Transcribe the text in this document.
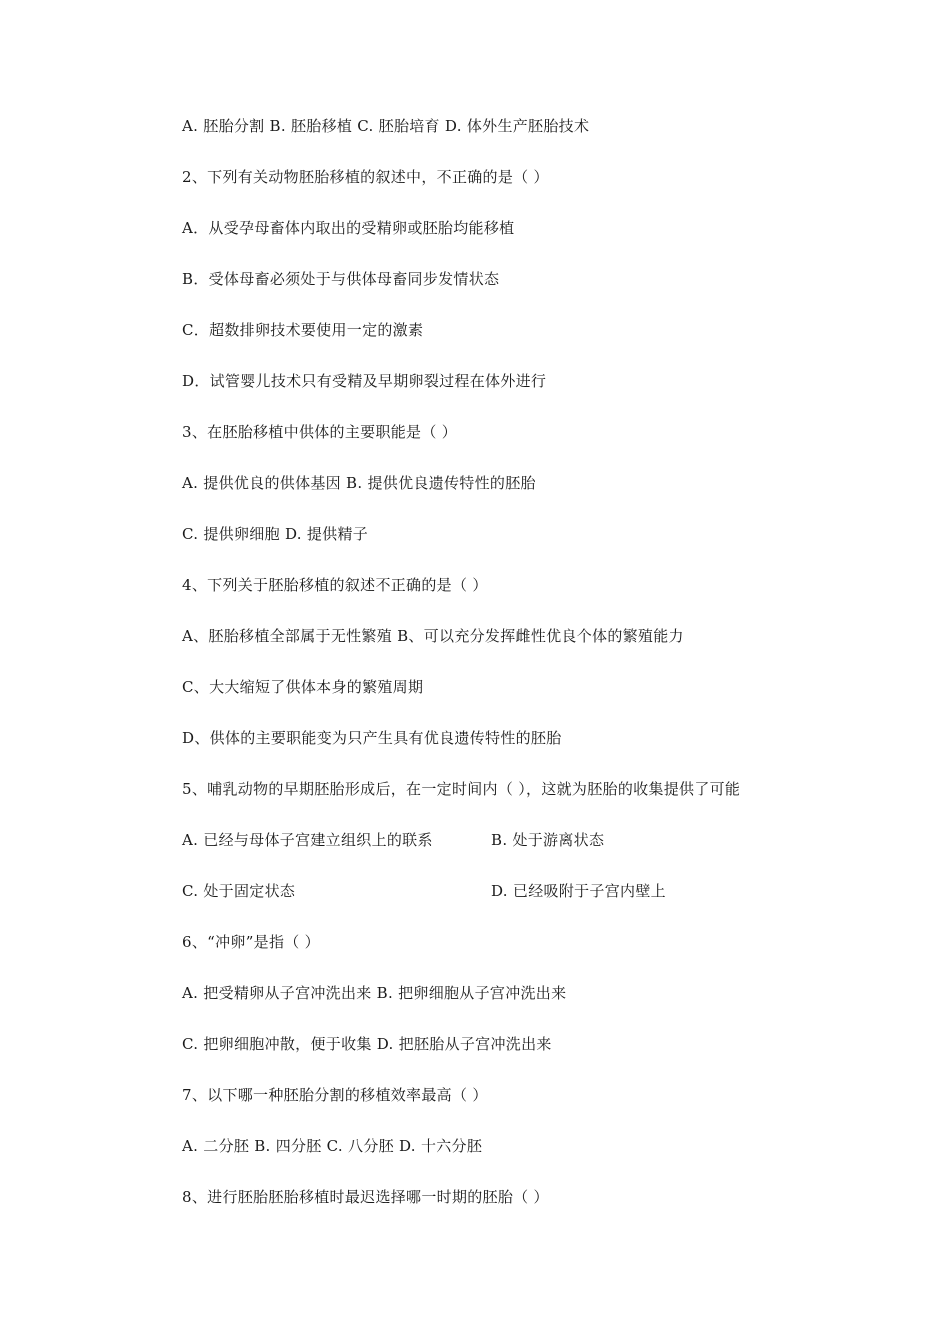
A. 胚胎分割 B. 胚胎移植 C. 胚胎培育 D. 体外生产胚胎技术
2、下列有关动物胚胎移植的叙述中，不正确的是（ ）
A．从受孕母畜体内取出的受精卵或胚胎均能移植
B．受体母畜必须处于与供体母畜同步发情状态
C．超数排卵技术要使用一定的激素
D．试管婴儿技术只有受精及早期卵裂过程在体外进行
3、在胚胎移植中供体的主要职能是（ ）
A. 提供优良的供体基因 B. 提供优良遗传特性的胚胎
C. 提供卵细胞 D. 提供精子
4、下列关于胚胎移植的叙述不正确的是（ ）
A、胚胎移植全部属于无性繁殖 B、可以充分发挥雌性优良个体的繁殖能力
C、大大缩短了供体本身的繁殖周期
D、供体的主要职能变为只产生具有优良遗传特性的胚胎
5、哺乳动物的早期胚胎形成后，在一定时间内（ ），这就为胚胎的收集提供了可能
A. 已经与母体子宫建立组织上的联系	B. 处于游离状态
C. 处于固定状态	D. 已经吸附于子宫内壁上
6、“冲卵”是指（ ）
A. 把受精卵从子宫冲洗出来 B. 把卵细胞从子宫冲洗出来
C. 把卵细胞冲散，便于收集 D. 把胚胎从子宫冲洗出来
7、以下哪一种胚胎分割的移植效率最高（ ）
A. 二分胚 B. 四分胚 C. 八分胚 D. 十六分胚
8、进行胚胎胚胎移植时最迟选择哪一时期的胚胎（ ）
